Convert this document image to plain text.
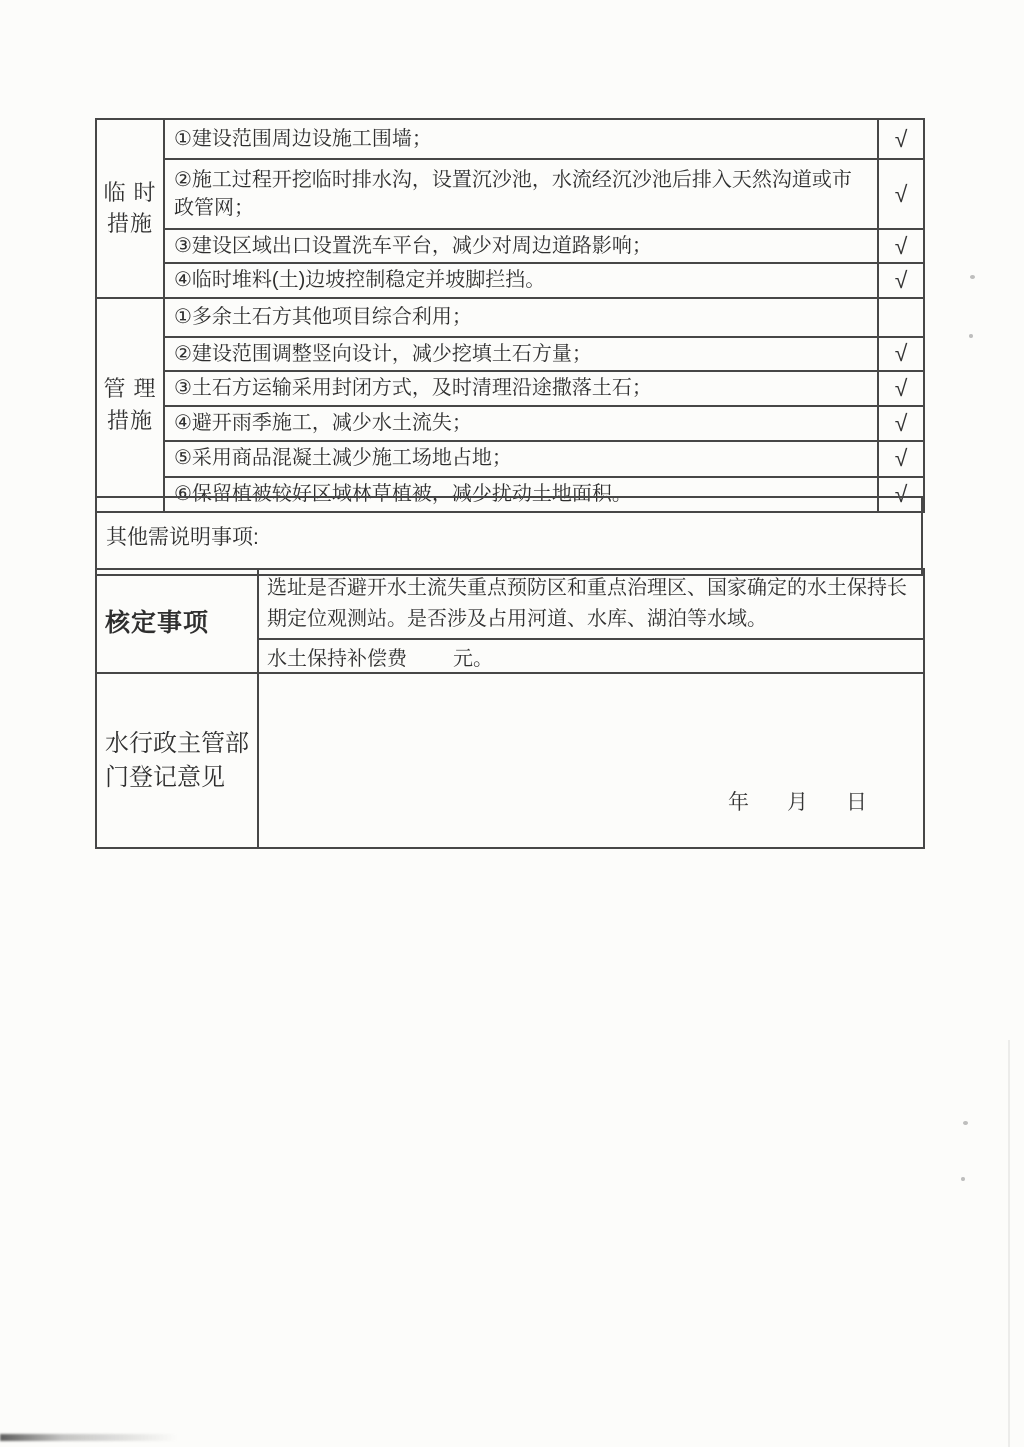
临 时
措施	①建设范围周边设施工围墙；	√
	②施工过程开挖临时排水沟，设置沉沙池，水流经沉沙池后排入天然沟道或市政管网；	√
	③建设区域出口设置洗车平台，减少对周边道路影响；	√
	④临时堆料(土)边坡控制稳定并坡脚拦挡。	√

管 理
措施	①多余土石方其他项目综合利用；	
	②建设范围调整竖向设计，减少挖填土石方量；	√
	③土石方运输采用封闭方式，及时清理沿途撒落土石；	√
	④避开雨季施工，减少水土流失；	√
	⑤采用商品混凝土减少施工场地占地；	√
	⑥保留植被较好区域林草植被，减少扰动土地面积。	√
其他需说明事项:
核定事项	选址是否避开水土流失重点预防区和重点治理区、国家确定的水土保持长期定位观测站。是否涉及占用河道、水库、湖泊等水域。
	水土保持补偿费 元。
水行政主管部门登记意见	年 月 日
